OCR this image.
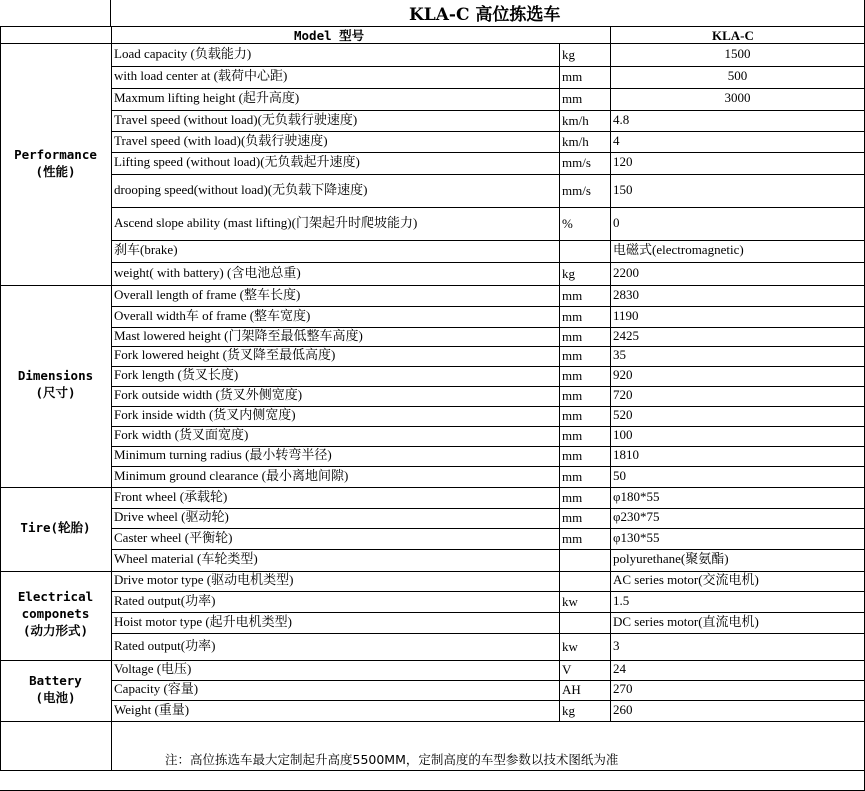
KLA-C 高位拣选车
Model 型号	KLA-C
注：高位拣选车最大定制起升高度5500MM，定制高度的车型参数以技术图纸为准
Performance
(性能)
Load capacity (负载能力)	kg	1500
with load center at (载荷中心距)	mm	500
Maxmum lifting height (起升高度)	mm	3000
Travel speed (without load)(无负载行驶速度)	km/h 4.8
Travel speed (with load)(负载行驶速度)	km/h 4
Lifting speed (without load)(无负载起升速度)	mm/s 120
drooping speed(without load)(无负载下降速度)	mm/s 150
Ascend slope ability (mast lifting)(门架起升时爬坡能力)	%	0
刹车(brake)	电磁式(electromagnetic)
weight( with battery) (含电池总重)	kg	2200
Dimensions
(尺寸)
Overall length of frame (整车长度)	mm 2830
Overall width车 of frame (整车宽度)	mm 1190
Mast lowered height (门架降至最低整车高度)	mm 2425
Fork lowered height (货叉降至最低高度)	mm 35
Fork length (货叉长度)	mm 920
Fork outside width (货叉外侧宽度)	mm 720
Fork inside width (货叉内侧宽度)	mm 520
Fork width (货叉面宽度)	mm 100
Minimum turning radius (最小转弯半径)	mm 1810
Minimum ground clearance (最小离地间隙)	mm 50
Tire(轮胎)
Front wheel (承载轮)	mm φ180*55
Drive wheel (驱动轮)	mm φ230*75
Caster wheel (平衡轮)	mm φ130*55
Wheel material (车轮类型)	polyurethane(聚氨酯)
Electrical
componets
(动力形式)
Drive motor type (驱动电机类型)	AC series motor(交流电机)
Rated output(功率)	kw	1.5
Hoist motor type (起升电机类型)	DC series motor(直流电机)
Rated output(功率)	kw	3
Battery
(电池)
Voltage (电压)	V	24
Capacity (容量)	AH 270
Weight (重量)	kg	260
